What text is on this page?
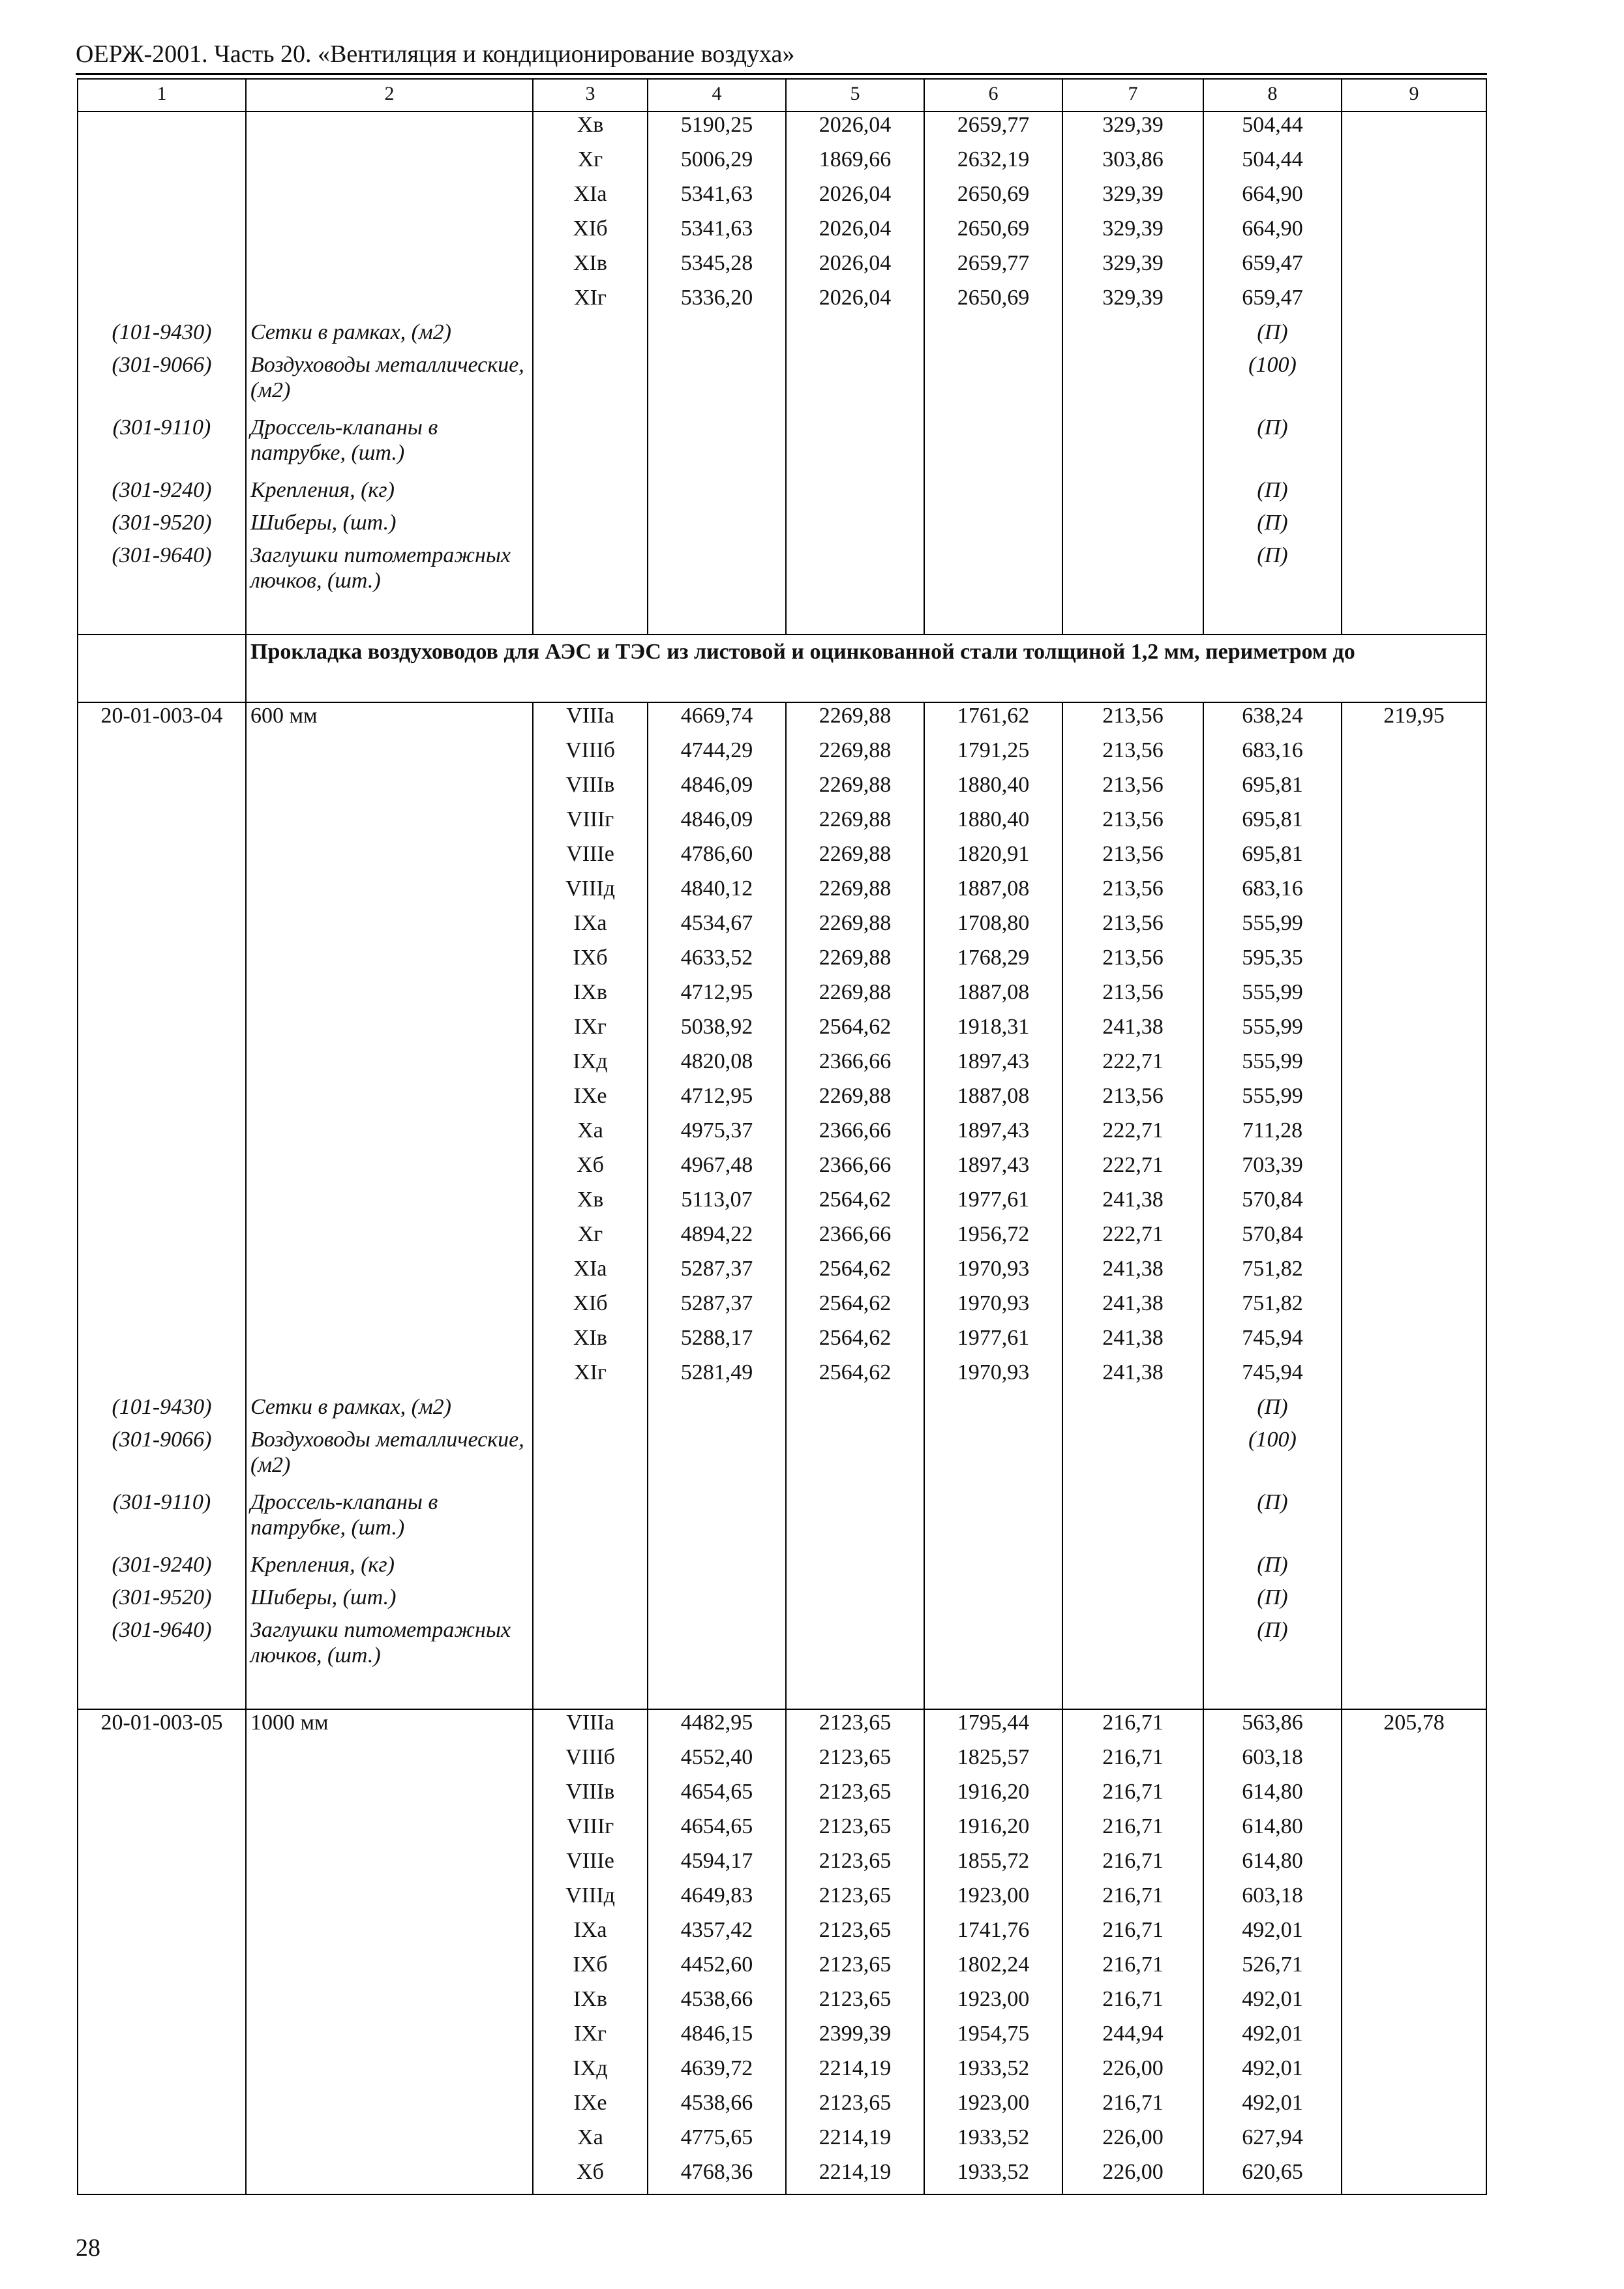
ОЕРЖ-2001. Часть 20. «Вентиляция и кондиционирование воздуха»
1	2	3	4	5	6	7	8	9
		Xв	5190,25	2026,04	2659,77	329,39	504,44	
		Xг	5006,29	1869,66	2632,19	303,86	504,44	
		XIа	5341,63	2026,04	2650,69	329,39	664,90	
		XIб	5341,63	2026,04	2650,69	329,39	664,90	
		XIв	5345,28	2026,04	2659,77	329,39	659,47	
		XIг	5336,20	2026,04	2650,69	329,39	659,47	
(101-9430)	Сетки в рамках, (м2)						(П)	
(301-9066)	Воздуховоды металлические, (м2)						(100)	
(301-9110)	Дроссель-клапаны в патрубке, (шт.)						(П)	
(301-9240)	Крепления, (кг)						(П)	
(301-9520)	Шиберы, (шт.)						(П)	
(301-9640)	Заглушки питометражных лючков, (шт.)						(П)	
	Прокладка воздуховодов для АЭС и ТЭС из листовой и оцинкованной стали толщиной 1,2 мм, периметром до							
20-01-003-04	600 мм	VIIIа	4669,74	2269,88	1761,62	213,56	638,24	219,95
		VIIIб	4744,29	2269,88	1791,25	213,56	683,16	
		VIIIв	4846,09	2269,88	1880,40	213,56	695,81	
		VIIIг	4846,09	2269,88	1880,40	213,56	695,81	
		VIIIе	4786,60	2269,88	1820,91	213,56	695,81	
		VIIIд	4840,12	2269,88	1887,08	213,56	683,16	
		IXа	4534,67	2269,88	1708,80	213,56	555,99	
		IXб	4633,52	2269,88	1768,29	213,56	595,35	
		IXв	4712,95	2269,88	1887,08	213,56	555,99	
		IXг	5038,92	2564,62	1918,31	241,38	555,99	
		IXд	4820,08	2366,66	1897,43	222,71	555,99	
		IXе	4712,95	2269,88	1887,08	213,56	555,99	
		Xа	4975,37	2366,66	1897,43	222,71	711,28	
		Xб	4967,48	2366,66	1897,43	222,71	703,39	
		Xв	5113,07	2564,62	1977,61	241,38	570,84	
		Xг	4894,22	2366,66	1956,72	222,71	570,84	
		XIа	5287,37	2564,62	1970,93	241,38	751,82	
		XIб	5287,37	2564,62	1970,93	241,38	751,82	
		XIв	5288,17	2564,62	1977,61	241,38	745,94	
		XIг	5281,49	2564,62	1970,93	241,38	745,94	
(101-9430)	Сетки в рамках, (м2)						(П)	
(301-9066)	Воздуховоды металлические, (м2)						(100)	
(301-9110)	Дроссель-клапаны в патрубке, (шт.)						(П)	
(301-9240)	Крепления, (кг)						(П)	
(301-9520)	Шиберы, (шт.)						(П)	
(301-9640)	Заглушки питометражных лючков, (шт.)						(П)	
20-01-003-05	1000 мм	VIIIа	4482,95	2123,65	1795,44	216,71	563,86	205,78
		VIIIб	4552,40	2123,65	1825,57	216,71	603,18	
		VIIIв	4654,65	2123,65	1916,20	216,71	614,80	
		VIIIг	4654,65	2123,65	1916,20	216,71	614,80	
		VIIIе	4594,17	2123,65	1855,72	216,71	614,80	
		VIIIд	4649,83	2123,65	1923,00	216,71	603,18	
		IXа	4357,42	2123,65	1741,76	216,71	492,01	
		IXб	4452,60	2123,65	1802,24	216,71	526,71	
		IXв	4538,66	2123,65	1923,00	216,71	492,01	
		IXг	4846,15	2399,39	1954,75	244,94	492,01	
		IXд	4639,72	2214,19	1933,52	226,00	492,01	
		IXе	4538,66	2123,65	1923,00	216,71	492,01	
		Xа	4775,65	2214,19	1933,52	226,00	627,94	
		Xб	4768,36	2214,19	1933,52	226,00	620,65	
28
